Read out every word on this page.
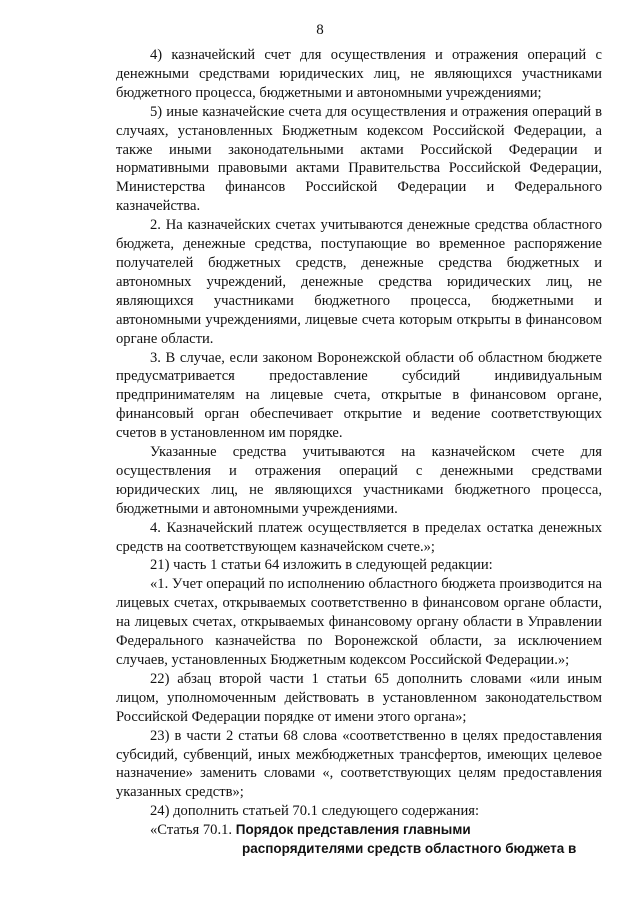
8

4) казначейский счет для осуществления и отражения операций с денежными средствами юридических лиц, не являющихся участниками бюджетного процесса, бюджетными и автономными учреждениями;

5) иные казначейские счета для осуществления и отражения операций в случаях, установленных Бюджетным кодексом Российской Федерации, а также иными законодательными актами Российской Федерации и нормативными правовыми актами Правительства Российской Федерации, Министерства финансов Российской Федерации и Федерального казначейства.

2. На казначейских счетах учитываются денежные средства областного бюджета, денежные средства, поступающие во временное распоряжение получателей бюджетных средств, денежные средства бюджетных и автономных учреждений, денежные средства юридических лиц, не являющихся участниками бюджетного процесса, бюджетными и автономными учреждениями, лицевые счета которым открыты в финансовом органе области.

3. В случае, если законом Воронежской области об областном бюджете предусматривается предоставление субсидий индивидуальным предпринимателям на лицевые счета, открытые в финансовом органе, финансовый орган обеспечивает открытие и ведение соответствующих счетов в установленном им порядке.

Указанные средства учитываются на казначейском счете для осуществления и отражения операций с денежными средствами юридических лиц, не являющихся участниками бюджетного процесса, бюджетными и автономными учреждениями.

4. Казначейский платеж осуществляется в пределах остатка денежных средств на соответствующем казначейском счете.»;

21) часть 1 статьи 64 изложить в следующей редакции:

«1. Учет операций по исполнению областного бюджета производится на лицевых счетах, открываемых соответственно в финансовом органе области, на лицевых счетах, открываемых финансовому органу области в Управлении Федерального казначейства по Воронежской области, за исключением случаев, установленных Бюджетным кодексом Российской Федерации.»;

22) абзац второй части 1 статьи 65 дополнить словами «или иным лицом, уполномоченным действовать в установленном законодательством Российской Федерации порядке от имени этого органа»;

23) в части 2 статьи 68 слова «соответственно в целях предоставления субсидий, субвенций, иных межбюджетных трансфертов, имеющих целевое назначение» заменить словами «, соответствующих целям предоставления указанных средств»;

24) дополнить статьей 70.1 следующего содержания:

«Статья 70.1. Порядок представления главными
распорядителями средств областного бюджета в
